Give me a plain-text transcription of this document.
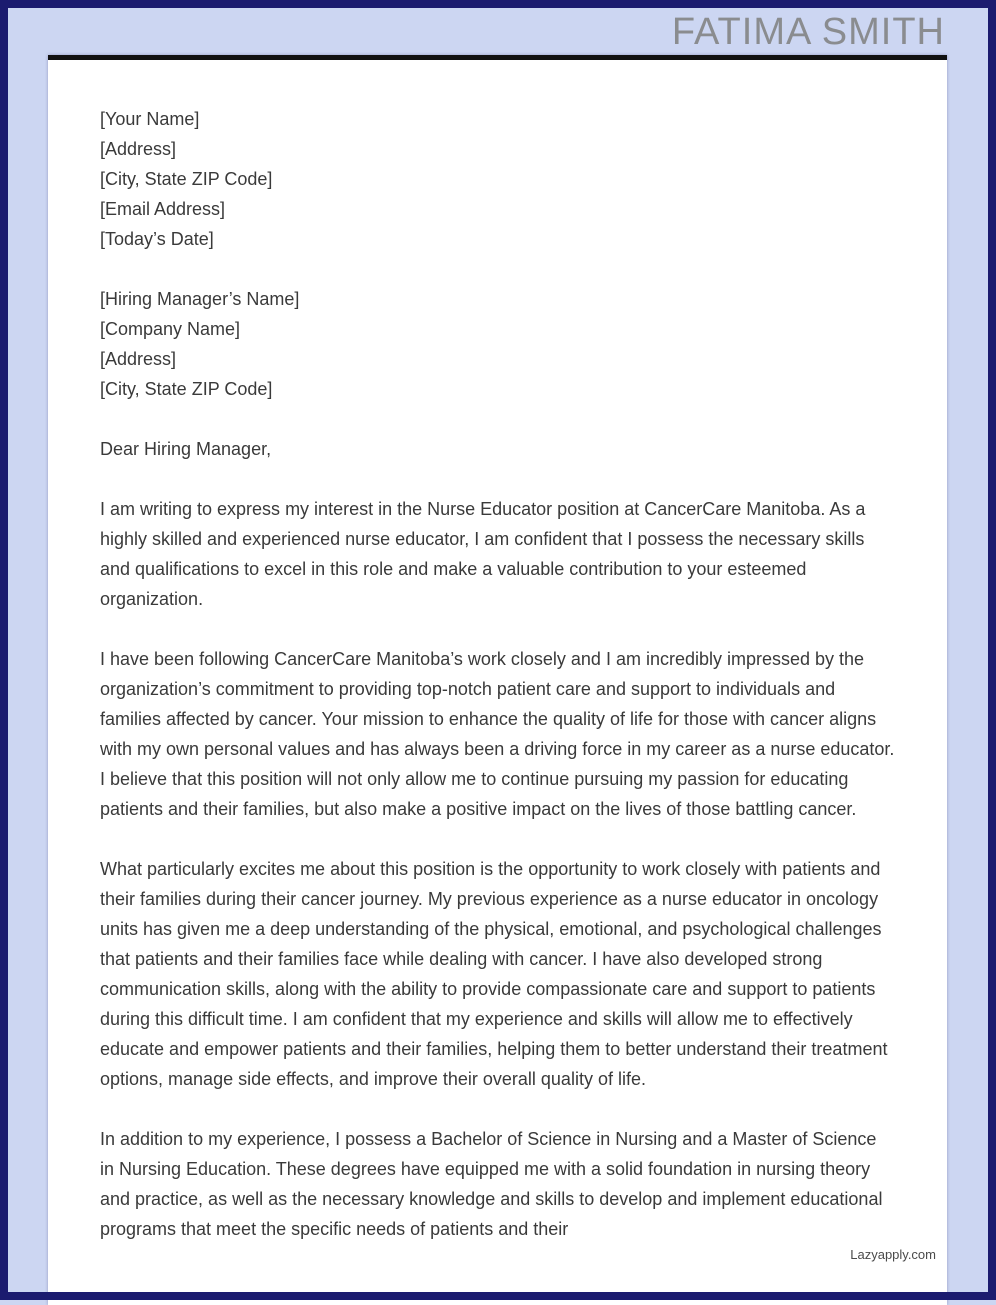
FATIMA SMITH
[Your Name]
[Address]
[City, State ZIP Code]
[Email Address]
[Today’s Date]
[Hiring Manager’s Name]
[Company Name]
[Address]
[City, State ZIP Code]

Dear Hiring Manager,

I am writing to express my interest in the Nurse Educator position at CancerCare Manitoba. As a highly skilled and experienced nurse educator, I am confident that I possess the necessary skills and qualifications to excel in this role and make a valuable contribution to your esteemed organization.

I have been following CancerCare Manitoba’s work closely and I am incredibly impressed by the organization’s commitment to providing top-notch patient care and support to individuals and families affected by cancer. Your mission to enhance the quality of life for those with cancer aligns with my own personal values and has always been a driving force in my career as a nurse educator. I believe that this position will not only allow me to continue pursuing my passion for educating patients and their families, but also make a positive impact on the lives of those battling cancer.

What particularly excites me about this position is the opportunity to work closely with patients and their families during their cancer journey. My previous experience as a nurse educator in oncology units has given me a deep understanding of the physical, emotional, and psychological challenges that patients and their families face while dealing with cancer. I have also developed strong communication skills, along with the ability to provide compassionate care and support to patients during this difficult time. I am confident that my experience and skills will allow me to effectively educate and empower patients and their families, helping them to better understand their treatment options, manage side effects, and improve their overall quality of life.

In addition to my experience, I possess a Bachelor of Science in Nursing and a Master of Science in Nursing Education. These degrees have equipped me with a solid foundation in nursing theory and practice, as well as the necessary knowledge and skills to develop and implement educational programs that meet the specific needs of patients and their

Lazyapply.com
